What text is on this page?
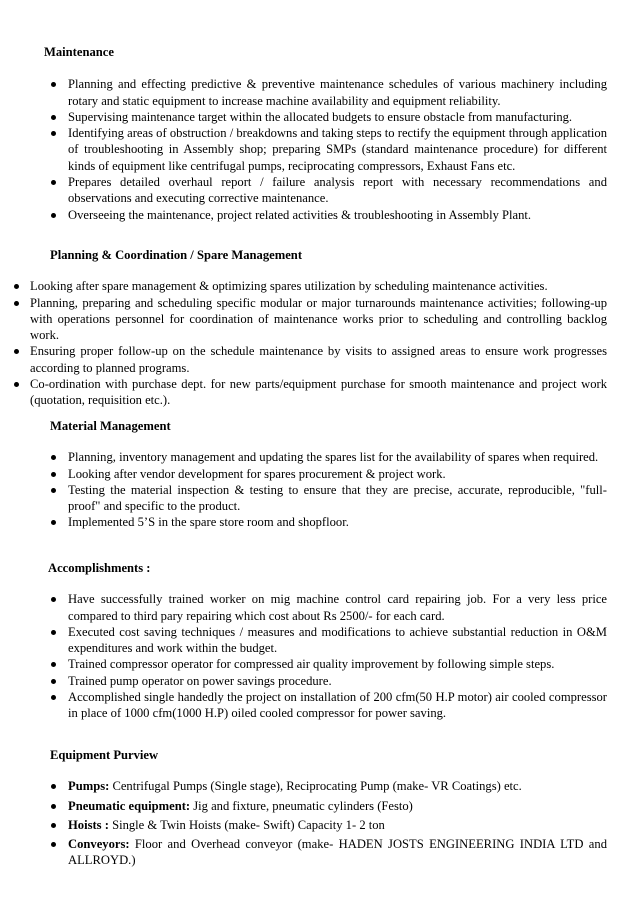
Maintenance

Planning and effecting predictive & preventive maintenance schedules of various machinery including rotary and static equipment to increase machine availability and equipment reliability.
Supervising maintenance target within the allocated budgets to ensure obstacle from manufacturing.
Identifying areas of obstruction / breakdowns and taking steps to rectify the equipment through application of troubleshooting in Assembly shop; preparing SMPs (standard maintenance procedure) for different kinds of equipment like centrifugal pumps, reciprocating compressors, Exhaust Fans etc.
Prepares detailed overhaul report / failure analysis report with necessary recommendations and observations and executing corrective maintenance.
Overseeing the maintenance, project related activities & troubleshooting in Assembly Plant.

Planning & Coordination / Spare Management

Looking after spare management & optimizing spares utilization by scheduling maintenance activities.
Planning, preparing and scheduling specific modular or major turnarounds maintenance activities; following-up with operations personnel for coordination of maintenance works prior to scheduling and controlling backlog work.
Ensuring proper follow-up on the schedule maintenance by visits to assigned areas to ensure work progresses according to planned programs.
Co-ordination with purchase dept. for new parts/equipment purchase for smooth maintenance and project work (quotation, requisition etc.).

Material Management

Planning, inventory management and updating the spares list for the availability of spares when required.
Looking after vendor development for spares procurement & project work.
Testing the material inspection & testing to ensure that they are precise, accurate, reproducible, "full-proof" and specific to the product.
Implemented 5’S in the spare store room and shopfloor.

Accomplishments :

Have successfully trained worker on mig machine control card repairing job. For a very less price compared to third pary repairing which cost about Rs 2500/- for each card.
Executed cost saving techniques / measures and modifications to achieve substantial reduction in O&M expenditures and work within the budget.
Trained compressor operator for compressed air quality improvement by following simple steps.
Trained pump operator on power savings procedure.
Accomplished single handedly the project on installation of 200 cfm(50 H.P motor) air cooled compressor in place of 1000 cfm(1000 H.P) oiled cooled compressor for power saving.

Equipment Purview

Pumps: Centrifugal Pumps (Single stage), Reciprocating Pump (make- VR Coatings) etc.
Pneumatic equipment: Jig and fixture, pneumatic cylinders (Festo)
Hoists : Single & Twin Hoists (make- Swift) Capacity 1- 2 ton
Conveyors: Floor and Overhead conveyor (make- HADEN JOSTS ENGINEERING INDIA LTD and ALLROYD.)
